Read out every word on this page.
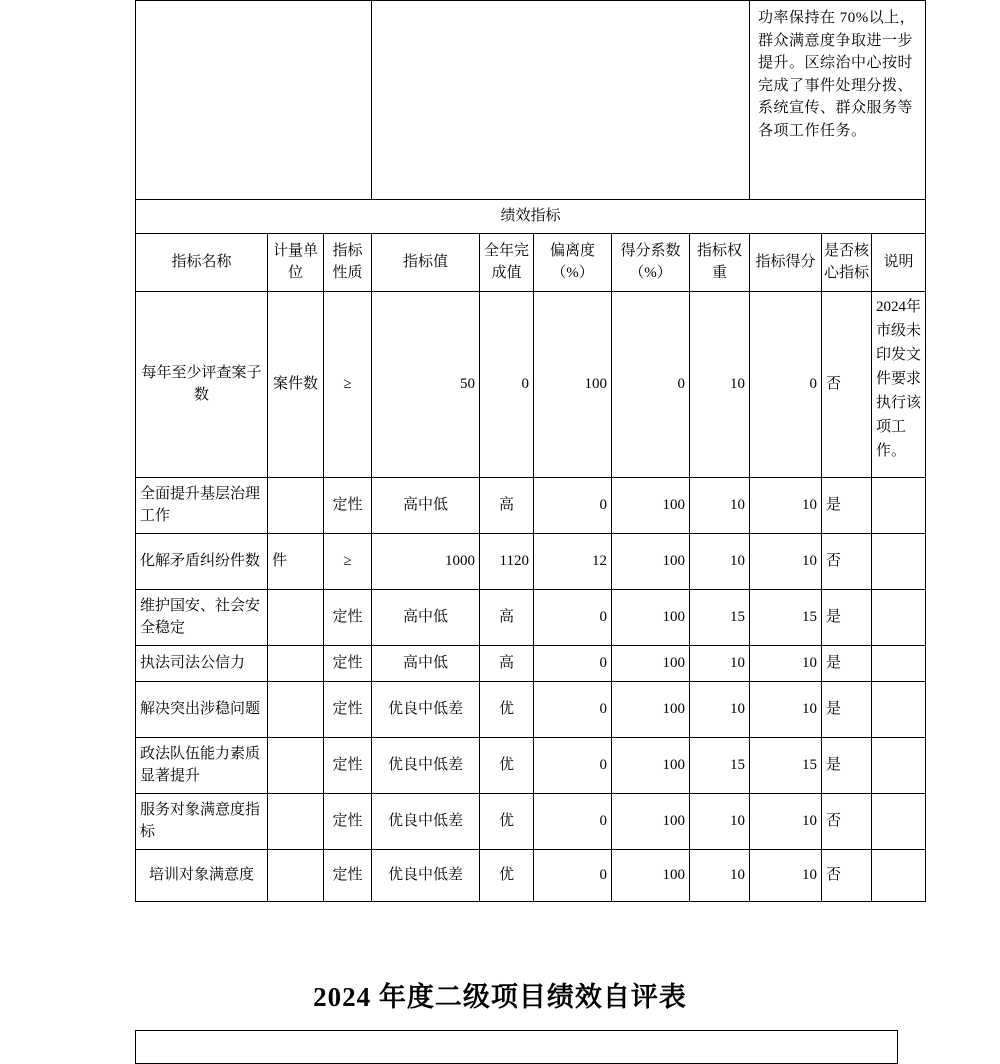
								功率保持在 70%以上，群众满意度争取进一步提升。区综治中心按时完成了事件处理分拨、系统宣传、群众服务等各项工作任务。		
绩效指标										
指标名称	计量单位	指标性质	指标值	全年完成值	偏离度（%）	得分系数（%）	指标权重	指标得分	是否核心指标	说明
每年至少评查案子数	案件数	≥	50	0	100	0	10	0	否	2024年市级未印发文件要求执行该项工作。
全面提升基层治理工作		定性	高中低	高	0	100	10	10	是	
化解矛盾纠纷件数	件	≥	1000	1120	12	100	10	10	否	
维护国安、社会安全稳定		定性	高中低	高	0	100	15	15	是	
执法司法公信力		定性	高中低	高	0	100	10	10	是	
解决突出涉稳问题		定性	优良中低差	优	0	100	10	10	是	
政法队伍能力素质显著提升		定性	优良中低差	优	0	100	15	15	是	
服务对象满意度指标		定性	优良中低差	优	0	100	10	10	否	
培训对象满意度		定性	优良中低差	优	0	100	10	10	否	
2024 年度二级项目绩效自评表
